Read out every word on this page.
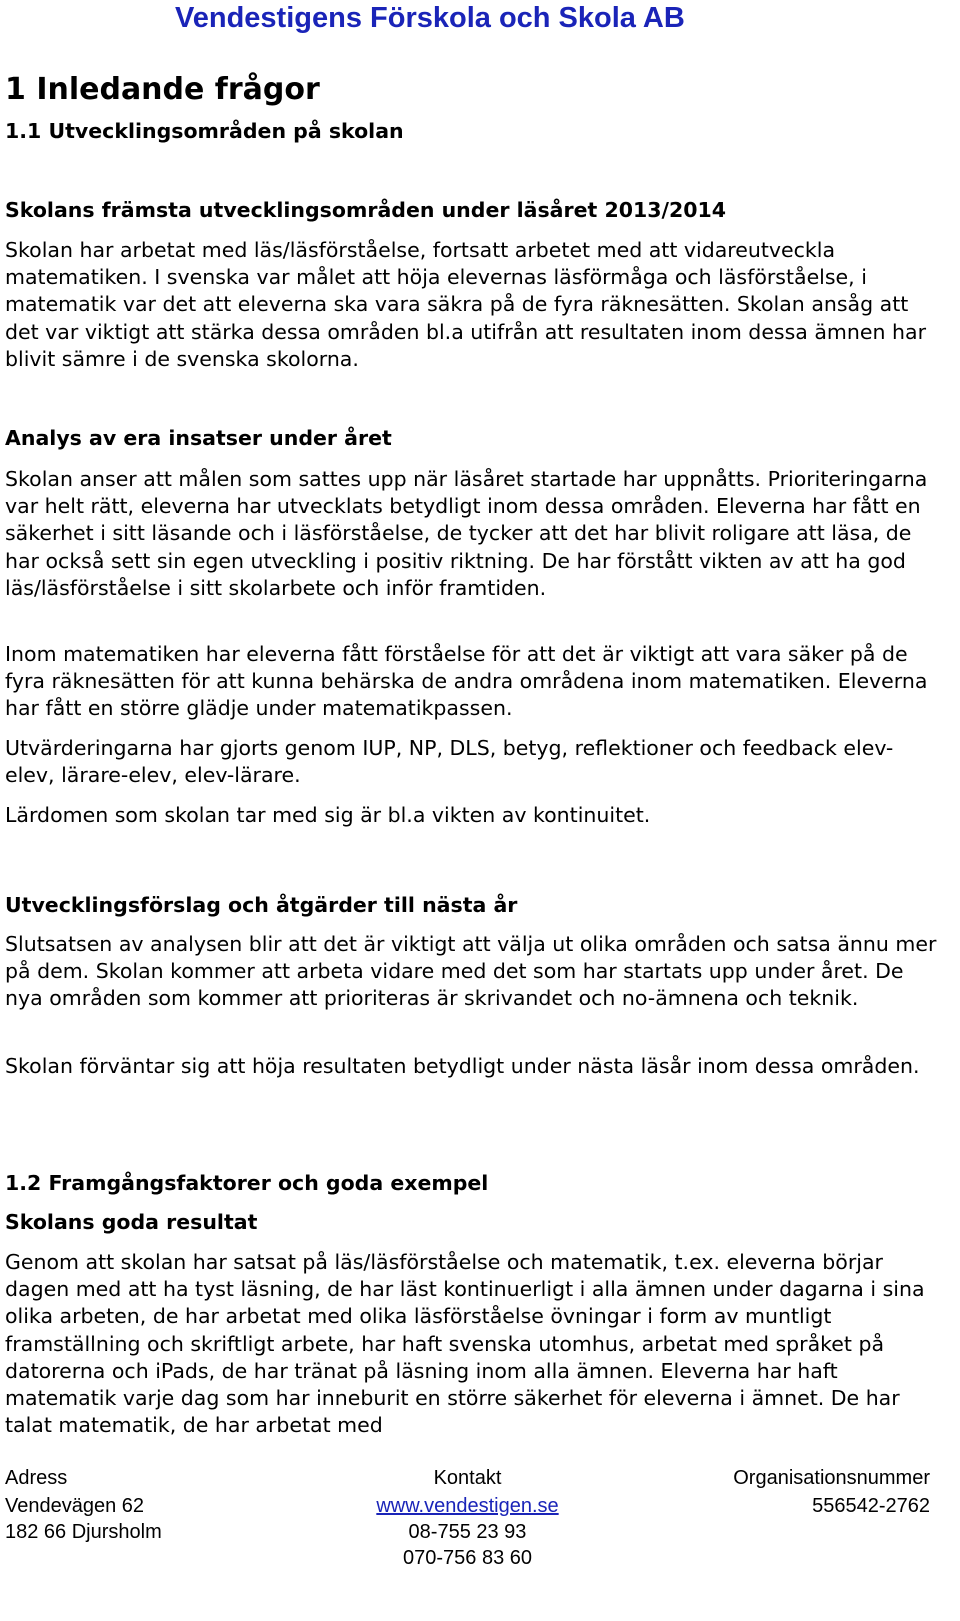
Vendestigens Förskola och Skola AB
1 Inledande frågor
1.1 Utvecklingsområden på skolan
Skolans främsta utvecklingsområden under läsåret 2013/2014

Skolan har arbetat med läs/läsförståelse, fortsatt arbetet med att vidareutveckla matematiken. I svenska var målet att höja elevernas läsförmåga och läsförståelse, i matematik var det att eleverna ska vara säkra på de fyra räknesätten. Skolan ansåg att det var viktigt att stärka dessa områden bl.a utifrån att resultaten inom dessa ämnen har blivit sämre i de svenska skolorna.

Analys av era insatser under året

Skolan anser att målen som sattes upp när läsåret startade har uppnåtts. Prioriteringarna var helt rätt, eleverna har utvecklats betydligt inom dessa områden. Eleverna har fått en säkerhet i sitt läsande och i läsförståelse, de tycker att det har blivit roligare att läsa, de har också sett sin egen utveckling i positiv riktning. De har förstått vikten av att ha god läs/läsförståelse i sitt skolarbete och inför framtiden.

Inom matematiken har eleverna fått förståelse för att det är viktigt att vara säker på de fyra räknesätten för att kunna behärska de andra områdena inom matematiken. Eleverna har fått en större glädje under matematikpassen.

Utvärderingarna har gjorts genom IUP, NP, DLS, betyg, reflektioner och feedback elev-elev, lärare-elev, elev-lärare.

Lärdomen som skolan tar med sig är bl.a vikten av kontinuitet.

Utvecklingsförslag och åtgärder till nästa år

Slutsatsen av analysen blir att det är viktigt att välja ut olika områden och satsa ännu mer på dem. Skolan kommer att arbeta vidare med det som har startats upp under året. De nya områden som kommer att prioriteras är skrivandet och no-ämnena och teknik.

Skolan förväntar sig att höja resultaten betydligt under nästa läsår inom dessa områden.

1.2 Framgångsfaktorer och goda exempel
Skolans goda resultat

Genom att skolan har satsat på läs/läsförståelse och matematik, t.ex. eleverna börjar dagen med att ha tyst läsning, de har läst kontinuerligt i alla ämnen under dagarna i sina olika arbeten, de har arbetat med olika läsförståelse övningar i form av muntligt framställning och skriftligt arbete, har haft svenska utomhus, arbetat med språket på datorerna och iPads, de har tränat på läsning inom alla ämnen. Eleverna har haft matematik varje dag som har inneburit en större säkerhet för eleverna i ämnet. De har talat matematik, de har arbetat med

Adress
Vendevägen 62
182 66 Djursholm
Kontakt
www.vendestigen.se
08-755 23 93
070-756 83 60
Organisationsnummer
556542-2762
